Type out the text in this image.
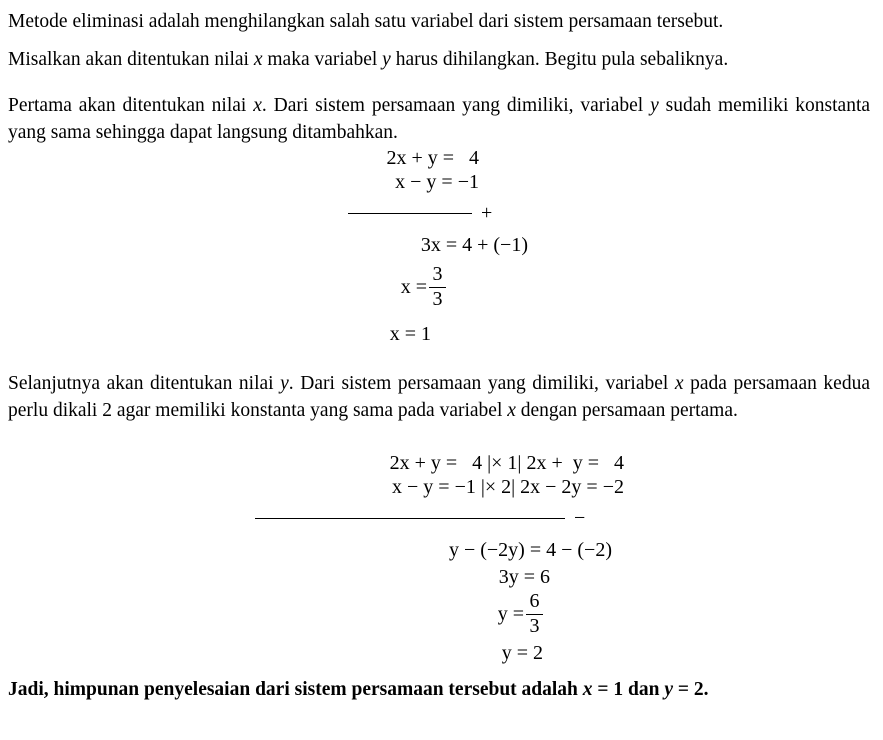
Metode eliminasi adalah menghilangkan salah satu variabel dari sistem persamaan tersebut.
Misalkan akan ditentukan nilai x maka variabel y harus dihilangkan. Begitu pula sebaliknya.
Pertama akan ditentukan nilai x. Dari sistem persamaan yang dimiliki, variabel y sudah memiliki konstanta yang sama sehingga dapat langsung ditambahkan.
2x + y =   4
x − y = −1
+
3x = 4 + (−1)
$x = \frac{3}{3}$
x = 1
Selanjutnya akan ditentukan nilai y. Dari sistem persamaan yang dimiliki, variabel x pada persamaan kedua perlu dikali 2 agar memiliki konstanta yang sama pada variabel x dengan persamaan pertama.
2x + y =   4 |× 1| 2x +  y =   4
x − y = −1 |× 2| 2x − 2y = −2
−
y − (−2y) = 4 − (−2)
3y = 6
$y = \frac{6}{3}$
y = 2
Jadi, himpunan penyelesaian dari sistem persamaan tersebut adalah x = 1 dan y = 2.
